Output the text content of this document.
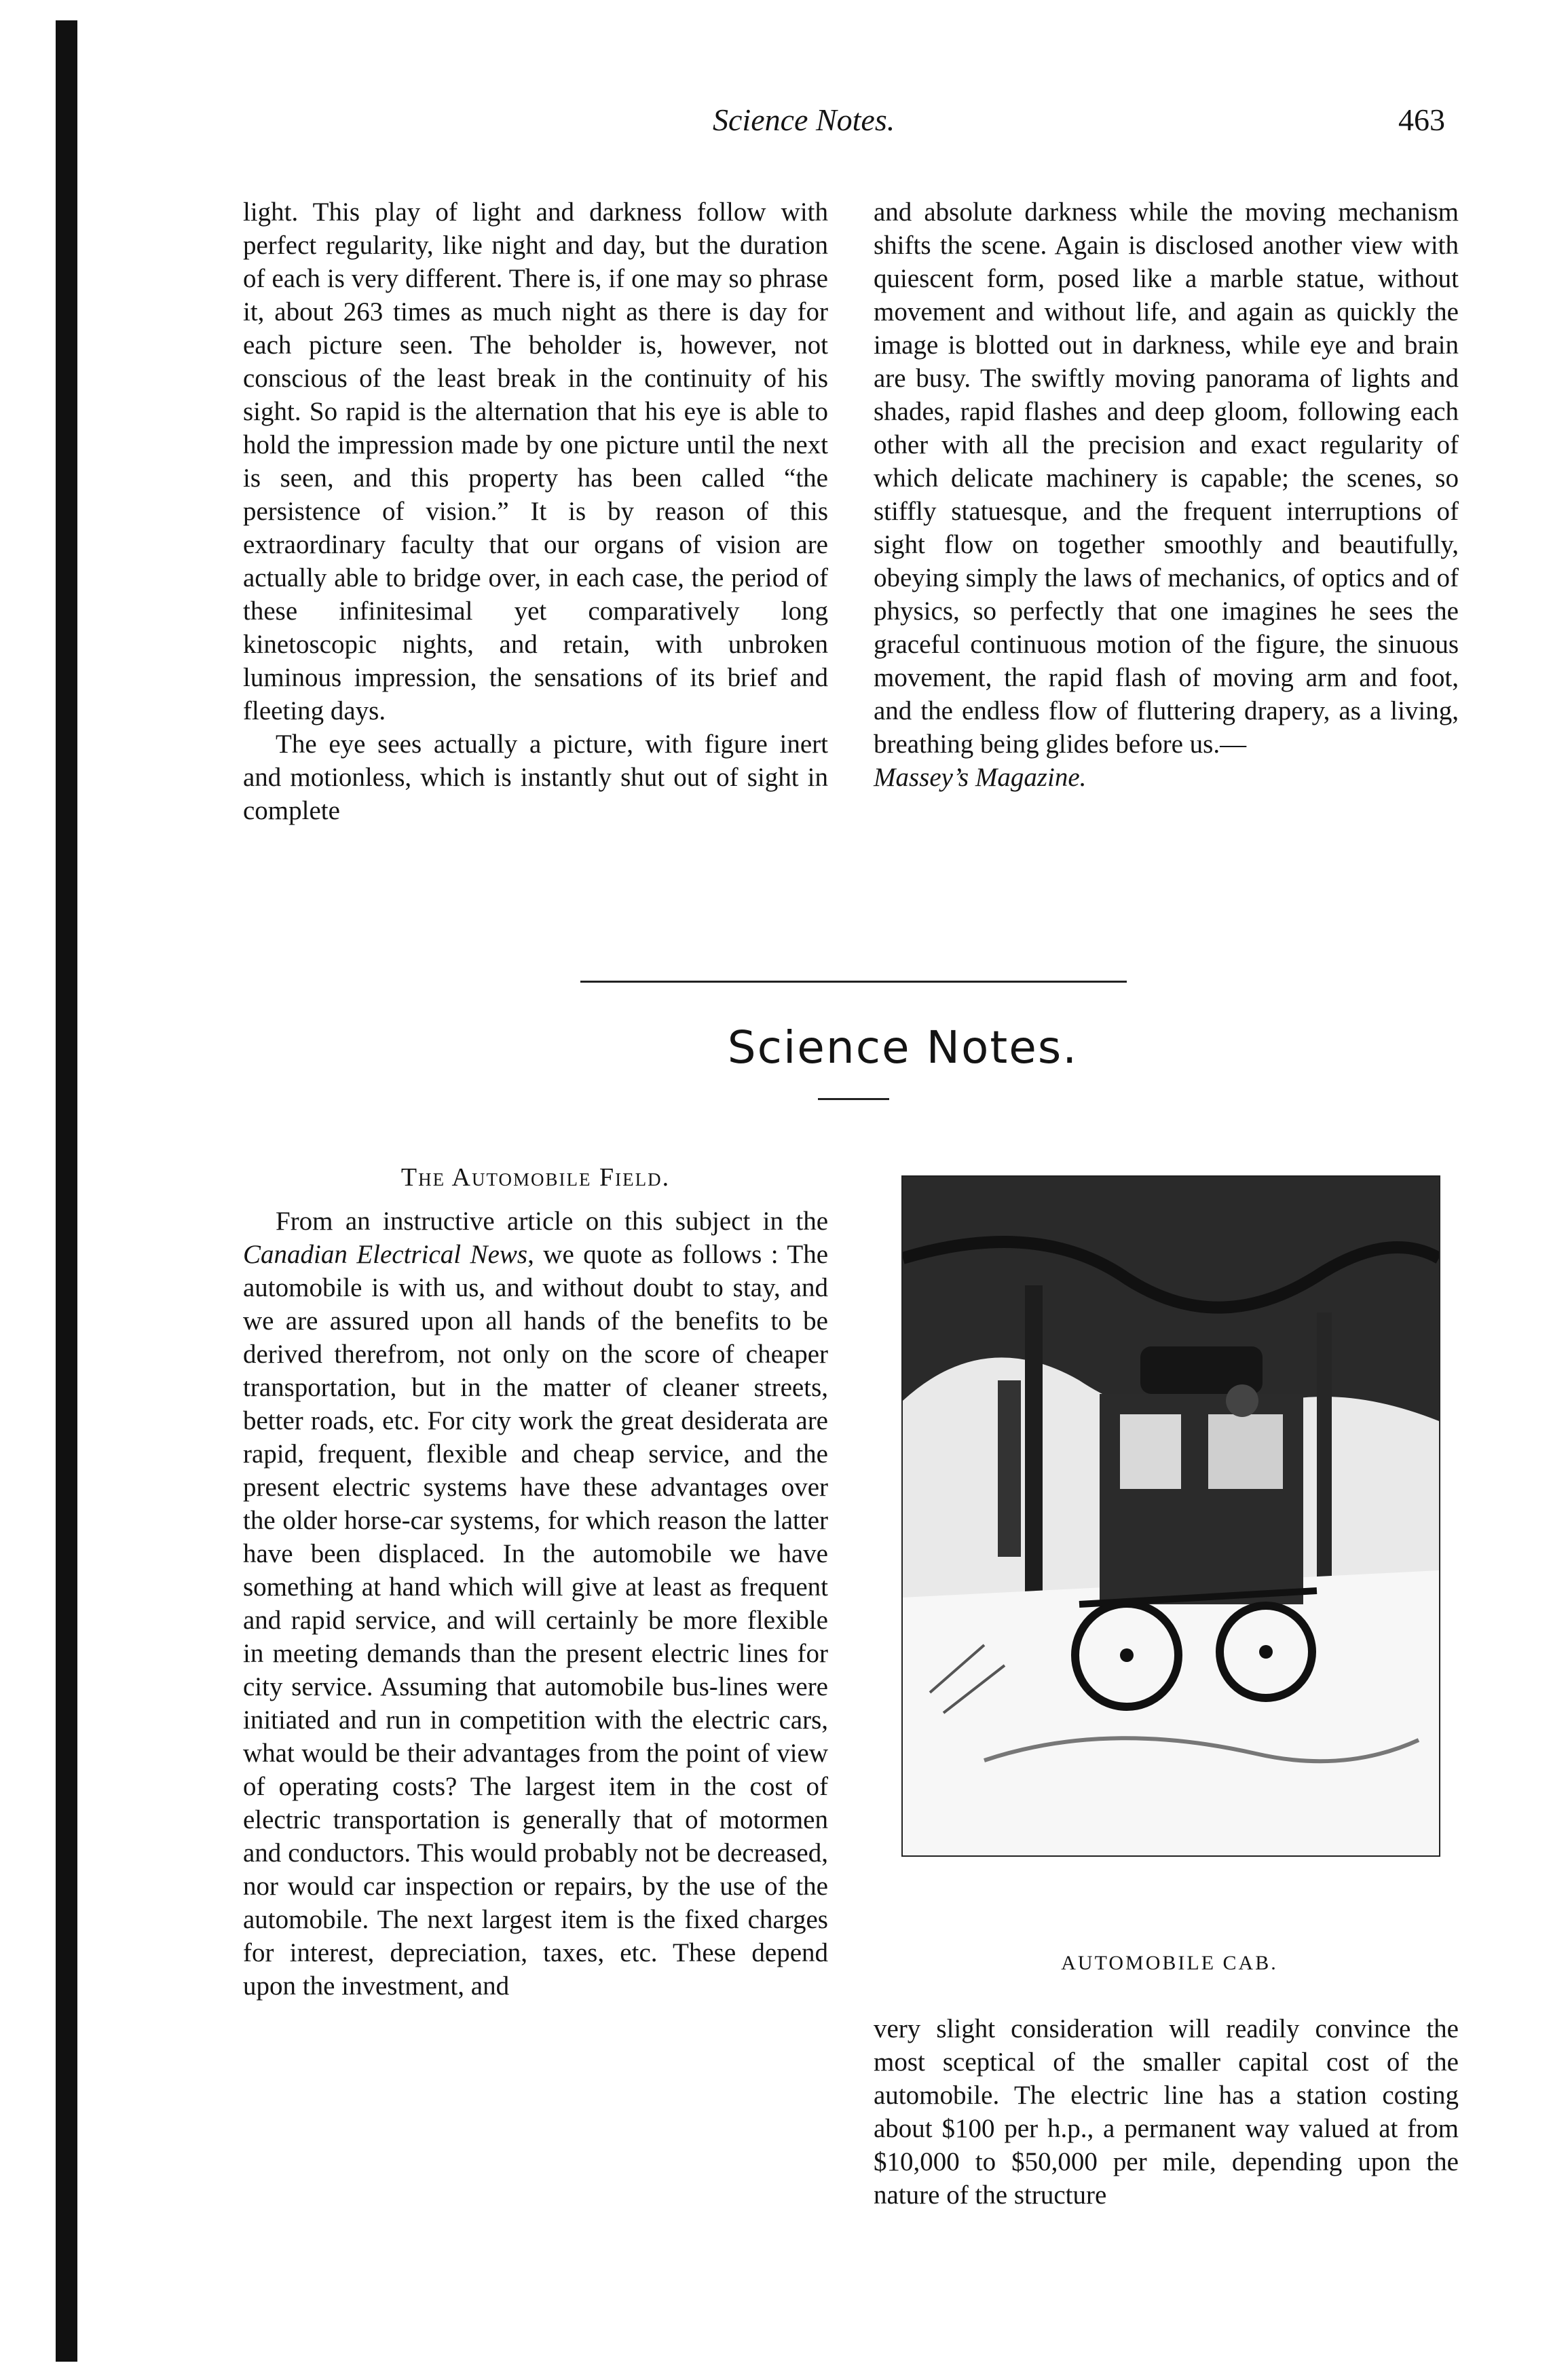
Science Notes.	463

light. This play of light and darkness follow with perfect regularity, like night and day, but the duration of each is very different. There is, if one may so phrase it, about 263 times as much night as there is day for each picture seen. The beholder is, however, not conscious of the least break in the continuity of his sight. So rapid is the alternation that his eye is able to hold the impression made by one picture until the next is seen, and this property has been called “the persistence of vision.” It is by reason of this extraordinary faculty that our organs of vision are actually able to bridge over, in each case, the period of these infinitesimal yet comparatively long kinetoscopic nights, and retain, with unbroken luminous impression, the sensations of its brief and fleeting days.

The eye sees actually a picture, with figure inert and motionless, which is instantly shut out of sight in complete

and absolute darkness while the moving mechanism shifts the scene. Again is disclosed another view with quiescent form, posed like a marble statue, without movement and without life, and again as quickly the image is blotted out in darkness, while eye and brain are busy. The swiftly moving panorama of lights and shades, rapid flashes and deep gloom, following each other with all the precision and exact regularity of which delicate machinery is capable; the scenes, so stiffly statuesque, and the frequent interruptions of sight flow on together smoothly and beautifully, obeying simply the laws of mechanics, of optics and of physics, so perfectly that one imagines he sees the graceful continuous motion of the figure, the sinuous movement, the rapid flash of moving arm and foot, and the endless flow of fluttering drapery, as a living, breathing being glides before us.—
Massey’s Magazine.

Science Notes.
The Automobile Field.

From an instructive article on this subject in the Canadian Electrical News, we quote as follows : The automobile is with us, and without doubt to stay, and we are assured upon all hands of the benefits to be derived therefrom, not only on the score of cheaper transportation, but in the matter of cleaner streets, better roads, etc. For city work the great desiderata are rapid, frequent, flexible and cheap service, and the present electric systems have these advantages over the older horse-car systems, for which reason the latter have been displaced. In the automobile we have something at hand which will give at least as frequent and rapid service, and will certainly be more flexible in meeting demands than the present electric lines for city service. Assuming that automobile bus-lines were initiated and run in competition with the electric cars, what would be their advantages from the point of view of operating costs? The largest item in the cost of electric transportation is generally that of motormen and conductors. This would probably not be decreased, nor would car inspection or repairs, by the use of the automobile. The next largest item is the fixed charges for interest, depreciation, taxes, etc. These depend upon the investment, and

AUTOMOBILE CAB.

very slight consideration will readily convince the most sceptical of the smaller capital cost of the automobile. The electric line has a station costing about $100 per h.p., a permanent way valued at from $10,000 to $50,000 per mile, depending upon the nature of the structure
